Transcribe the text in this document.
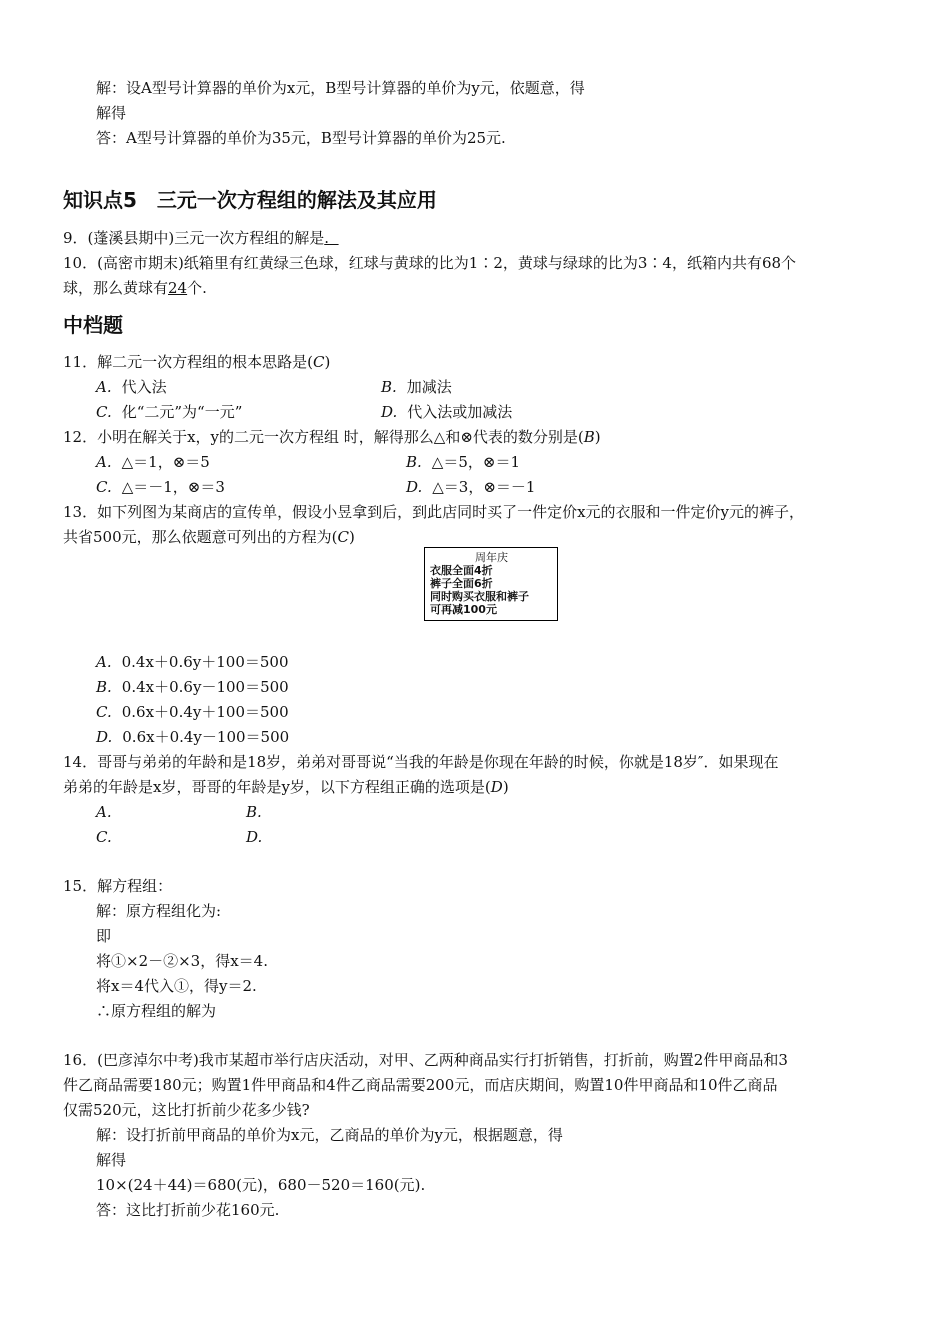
解：设A型号计算器的单价为x元，B型号计算器的单价为y元，依题意，得
解得
答：A型号计算器的单价为35元，B型号计算器的单价为25元.
知识点5　三元一次方程组的解法及其应用
9．(蓬溪县期中)三元一次方程组的解是.
10．(高密市期末)纸箱里有红黄绿三色球，红球与黄球的比为1∶2，黄球与绿球的比为3∶4，纸箱内共有68个
球，那么黄球有24个.
中档题
11．解二元一次方程组的根本思路是(C)
A. 代入法	B. 加减法
C. 化“二元”为“一元”	D. 代入法或加减法
12．小明在解关于x，y的二元一次方程组 时，解得那么△和⊗代表的数分别是(B)
A. △＝1，⊗＝5	B. △＝5，⊗＝1
C. △＝－1，⊗＝3	D. △＝3，⊗＝－1
13．如下列图为某商店的宣传单，假设小昱拿到后，到此店同时买了一件定价x元的衣服和一件定价y元的裤子，
共省500元，那么依题意可列出的方程为(C)
周年庆
衣服全面4折
裤子全面6折
同时购买衣服和裤子
可再减100元
A. 0.4x＋0.6y＋100＝500
B. 0.4x＋0.6y－100＝500
C. 0.6x＋0.4y＋100＝500
D. 0.6x＋0.4y－100＝500
14．哥哥与弟弟的年龄和是18岁，弟弟对哥哥说“当我的年龄是你现在年龄的时候，你就是18岁″．如果现在
弟弟的年龄是x岁，哥哥的年龄是y岁，以下方程组正确的选项是(D)
A.	B.
C.	D.
15．解方程组：
解：原方程组化为:
即
将①×2－②×3，得x＝4.
将x＝4代入①，得y＝2.
∴原方程组的解为
16．(巴彦淖尔中考)我市某超市举行店庆活动，对甲、乙两种商品实行打折销售，打折前，购置2件甲商品和3
件乙商品需要180元；购置1件甲商品和4件乙商品需要200元，而店庆期间，购置10件甲商品和10件乙商品
仅需520元，这比打折前少花多少钱?
解：设打折前甲商品的单价为x元，乙商品的单价为y元，根据题意，得
解得
10×(24＋44)＝680(元)，680－520＝160(元).
答：这比打折前少花160元.
